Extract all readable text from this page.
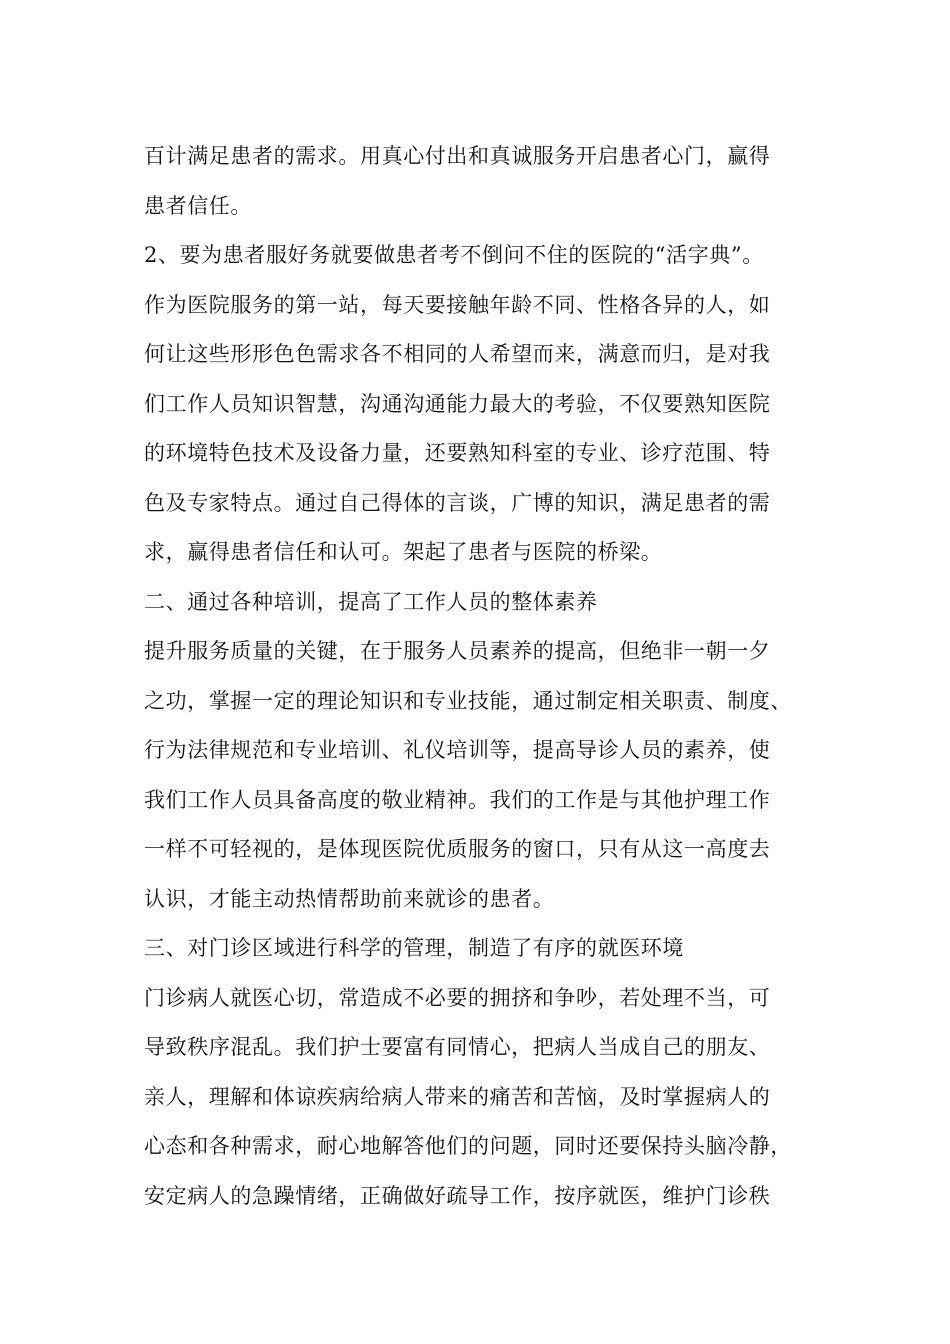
百计满足患者的需求。用真心付出和真诚服务开启患者心门，赢得
患者信任。
2、要为患者服好务就要做患者考不倒问不住的医院的“活字典”。
作为医院服务的第一站，每天要接触年龄不同、性格各异的人，如
何让这些形形色色需求各不相同的人希望而来，满意而归，是对我
们工作人员知识智慧，沟通沟通能力最大的考验，不仅要熟知医院
的环境特色技术及设备力量，还要熟知科室的专业、诊疗范围、特
色及专家特点。通过自己得体的言谈，广博的知识，满足患者的需
求，赢得患者信任和认可。架起了患者与医院的桥梁。
二、通过各种培训，提高了工作人员的整体素养
提升服务质量的关键，在于服务人员素养的提高，但绝非一朝一夕
之功，掌握一定的理论知识和专业技能，通过制定相关职责、制度、
行为法律规范和专业培训、礼仪培训等，提高导诊人员的素养，使
我们工作人员具备高度的敬业精神。我们的工作是与其他护理工作
一样不可轻视的，是体现医院优质服务的窗口，只有从这一高度去
认识，才能主动热情帮助前来就诊的患者。
三、对门诊区域进行科学的管理，制造了有序的就医环境
门诊病人就医心切，常造成不必要的拥挤和争吵，若处理不当，可
导致秩序混乱。我们护士要富有同情心，把病人当成自己的朋友、
亲人，理解和体谅疾病给病人带来的痛苦和苦恼，及时掌握病人的
心态和各种需求，耐心地解答他们的问题，同时还要保持头脑冷静，
安定病人的急躁情绪，正确做好疏导工作，按序就医，维护门诊秩
